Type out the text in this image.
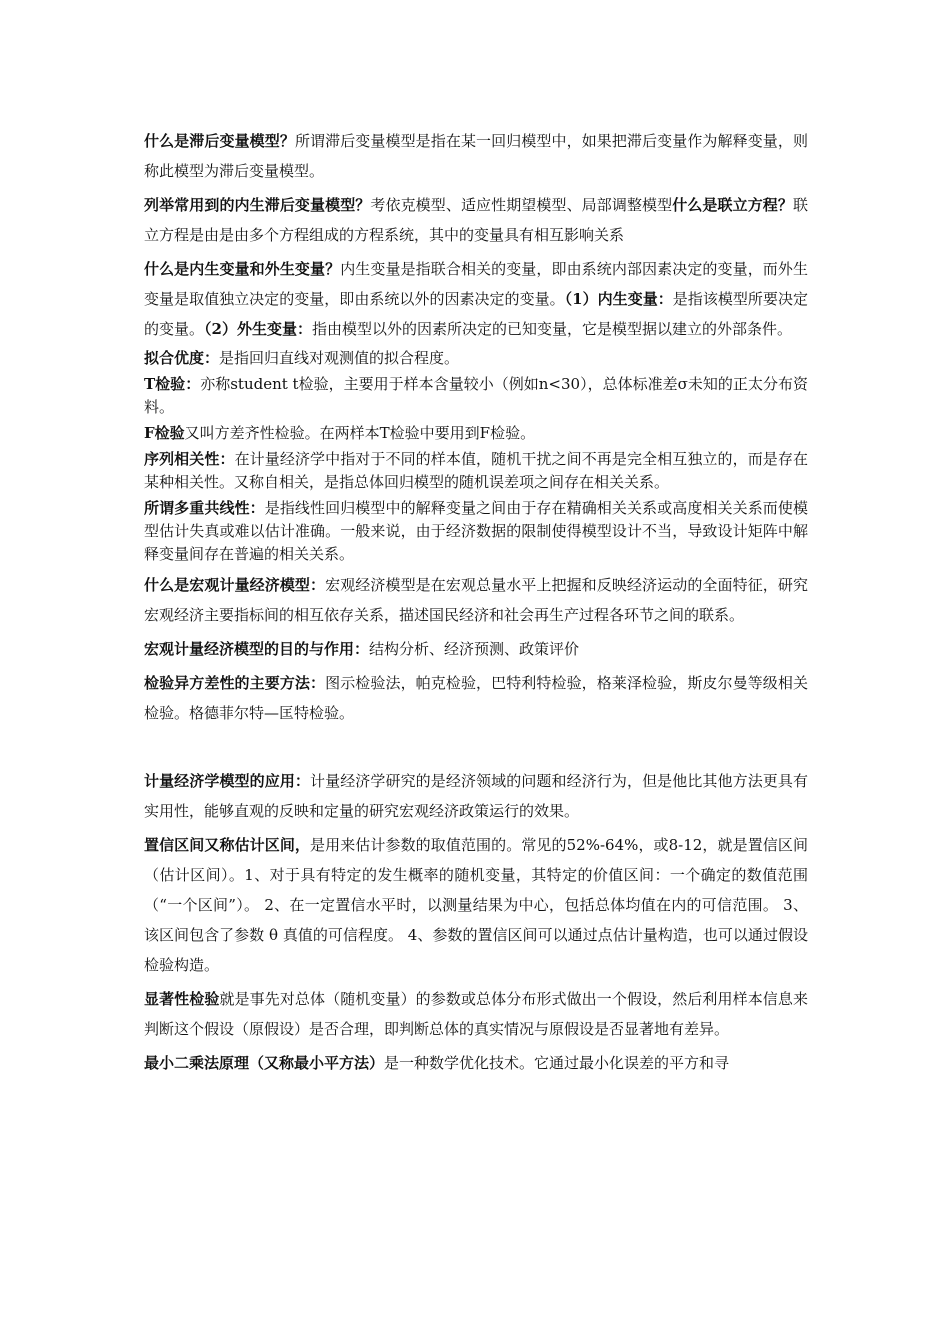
什么是滞后变量模型？所谓滞后变量模型是指在某一回归模型中，如果把滞后变量作为解释变量，则称此模型为滞后变量模型。

列举常用到的内生滞后变量模型？考依克模型、适应性期望模型、局部调整模型什么是联立方程？联立方程是由是由多个方程组成的方程系统，其中的变量具有相互影响关系

什么是内生变量和外生变量？内生变量是指联合相关的变量，即由系统内部因素决定的变量，而外生变量是取值独立决定的变量，即由系统以外的因素决定的变量。（1）内生变量：是指该模型所要决定的变量。（2）外生变量：指由模型以外的因素所决定的已知变量，它是模型据以建立的外部条件。

拟合优度：是指回归直线对观测值的拟合程度。

T检验：亦称student t检验，主要用于样本含量较小（例如n<30），总体标准差σ未知的正太分布资料。

F检验又叫方差齐性检验。在两样本T检验中要用到F检验。

序列相关性：在计量经济学中指对于不同的样本值，随机干扰之间不再是完全相互独立的，而是存在某种相关性。又称自相关，是指总体回归模型的随机误差项之间存在相关关系。

所谓多重共线性：是指线性回归模型中的解释变量之间由于存在精确相关关系或高度相关关系而使模型估计失真或难以估计准确。一般来说，由于经济数据的限制使得模型设计不当，导致设计矩阵中解释变量间存在普遍的相关关系。

什么是宏观计量经济模型：宏观经济模型是在宏观总量水平上把握和反映经济运动的全面特征，研究宏观经济主要指标间的相互依存关系，描述国民经济和社会再生产过程各环节之间的联系。

宏观计量经济模型的目的与作用：结构分析、经济预测、政策评价

检验异方差性的主要方法：图示检验法，帕克检验，巴特利特检验，格莱泽检验，斯皮尔曼等级相关检验。格德菲尔特—匡特检验。

计量经济学模型的应用：计量经济学研究的是经济领域的问题和经济行为，但是他比其他方法更具有实用性，能够直观的反映和定量的研究宏观经济政策运行的效果。

置信区间又称估计区间，是用来估计参数的取值范围的。常见的52%-64%，或8-12，就是置信区间（估计区间）。1、对于具有特定的发生概率的随机变量，其特定的价值区间：一个确定的数值范围（“一个区间”）。 2、在一定置信水平时，以测量结果为中心，包括总体均值在内的可信范围。 3、该区间包含了参数 θ 真值的可信程度。 4、参数的置信区间可以通过点估计量构造，也可以通过假设检验构造。

显著性检验就是事先对总体（随机变量）的参数或总体分布形式做出一个假设，然后利用样本信息来判断这个假设（原假设）是否合理，即判断总体的真实情况与原假设是否显著地有差异。

最小二乘法原理（又称最小平方法）是一种数学优化技术。它通过最小化误差的平方和寻
